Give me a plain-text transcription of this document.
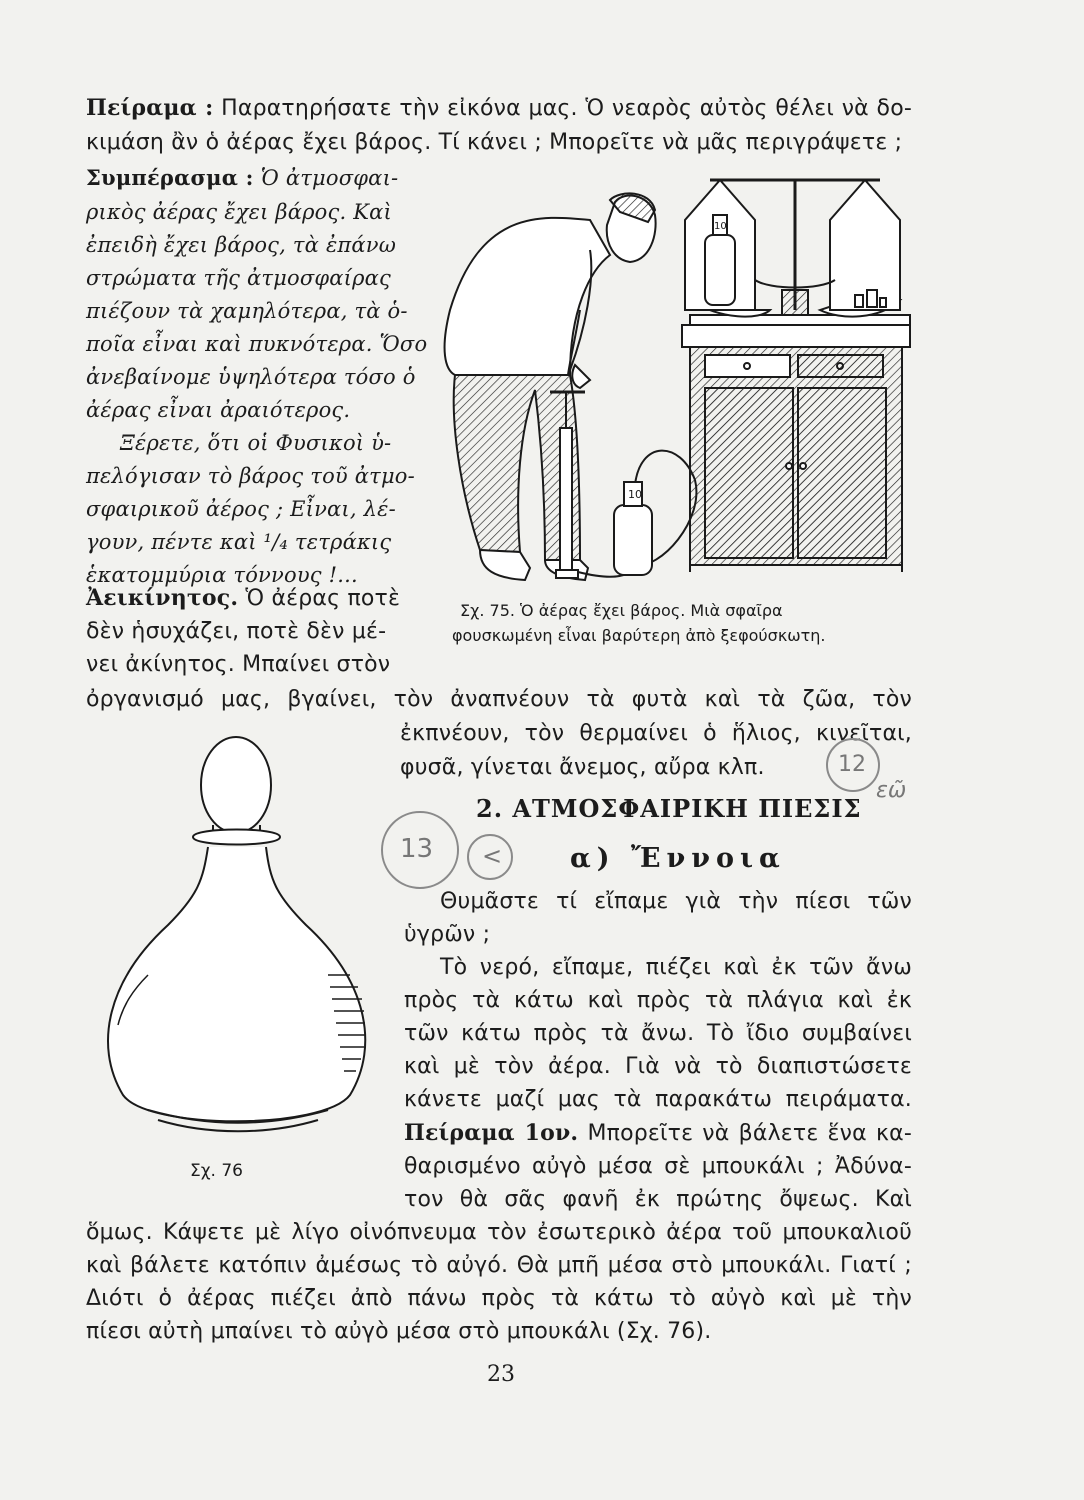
Πείραμα : Παρατηρήσατε τὴν εἰκόνα μας. Ὁ νεαρὸς αὐτὸς θέλει νὰ δο-
κιμάση ἂν ὁ ἀέρας ἔχει βάρος. Τί κάνει ; Μπορεῖτε νὰ μᾶς περιγράψετε ;
Συμπέρασμα : Ὁ ἀτμοσφαι-
ρικὸς ἀέρας ἔχει βάρος. Καὶ
ἐπειδὴ ἔχει βάρος, τὰ ἐπάνω
στρώματα τῆς ἀτμοσφαίρας
πιέζουν τὰ χαμηλότερα, τὰ ὁ-
ποῖα εἶναι καὶ πυκνότερα. Ὅσο
ἀνεβαίνομε ὑψηλότερα τόσο ὁ
ἀέρας εἶναι ἀραιότερος.
Ξέρετε, ὅτι οἱ Φυσικοὶ ὑ-
πελόγισαν τὸ βάρος τοῦ ἀτμο-
σφαιρικοῦ ἀέρος ; Εἶναι, λέ-
γουν, πέντε καὶ ¹/₄ τετράκις
ἑκατομμύρια τόννους !...
Ἀεικίνητος. Ὁ ἀέρας ποτὲ
δὲν ἡσυχάζει, ποτὲ δὲν μέ-
νει ἀκίνητος. Μπαίνει στὸν
ὀργανισμό μας, βγαίνει, τὸν ἀναπνέουν τὰ φυτὰ καὶ τὰ ζῶα, τὸν
ἐκπνέουν, τὸν θερμαίνει ὁ ἥλιος, κινεῖται,
φυσᾶ, γίνεται ἄνεμος, αὔρα κλπ.
10
10
Σχ. 75. Ὁ ἀέρας ἔχει βάρος. Μιὰ σφαῖρα
φουσκωμένη εἶναι βαρύτερη ἀπὸ ξεφούσκωτη.
Σχ. 76
2. ΑΤΜΟΣΦΑΙΡΙΚΗ ΠΙΕΣΙΣ
α) Ἔννοια
Θυμᾶστε τί εἴπαμε γιὰ τὴν πίεσι τῶν
ὑγρῶν ;
Τὸ νερό, εἴπαμε, πιέζει καὶ ἐκ τῶν ἄνω
πρὸς τὰ κάτω καὶ πρὸς τὰ πλάγια καὶ ἐκ
τῶν κάτω πρὸς τὰ ἄνω. Τὸ ἴδιο συμβαίνει
καὶ μὲ τὸν ἀέρα. Γιὰ νὰ τὸ διαπιστώσετε
κάνετε μαζί μας τὰ παρακάτω πειράματα.
Πείραμα 1ον. Μπορεῖτε νὰ βάλετε ἕνα κα-
θαρισμένο αὐγὸ μέσα σὲ μπουκάλι ; Ἀδύνα-
τον θὰ σᾶς φανῆ ἐκ πρώτης ὄψεως. Καὶ
ὅμως. Κάψετε μὲ λίγο οἰνόπνευμα τὸν ἐσωτερικὸ ἀέρα τοῦ μπουκαλιοῦ
καὶ βάλετε κατόπιν ἀμέσως τὸ αὐγό. Θὰ μπῆ μέσα στὸ μπουκάλι. Γιατί ;
Διότι ὁ ἀέρας πιέζει ἀπὸ πάνω πρὸς τὰ κάτω τὸ αὐγὸ καὶ μὲ τὴν
πίεσι αὐτὴ μπαίνει τὸ αὐγὸ μέσα στὸ μπουκάλι (Σχ. 76).
12
13 <
εῶ
23
